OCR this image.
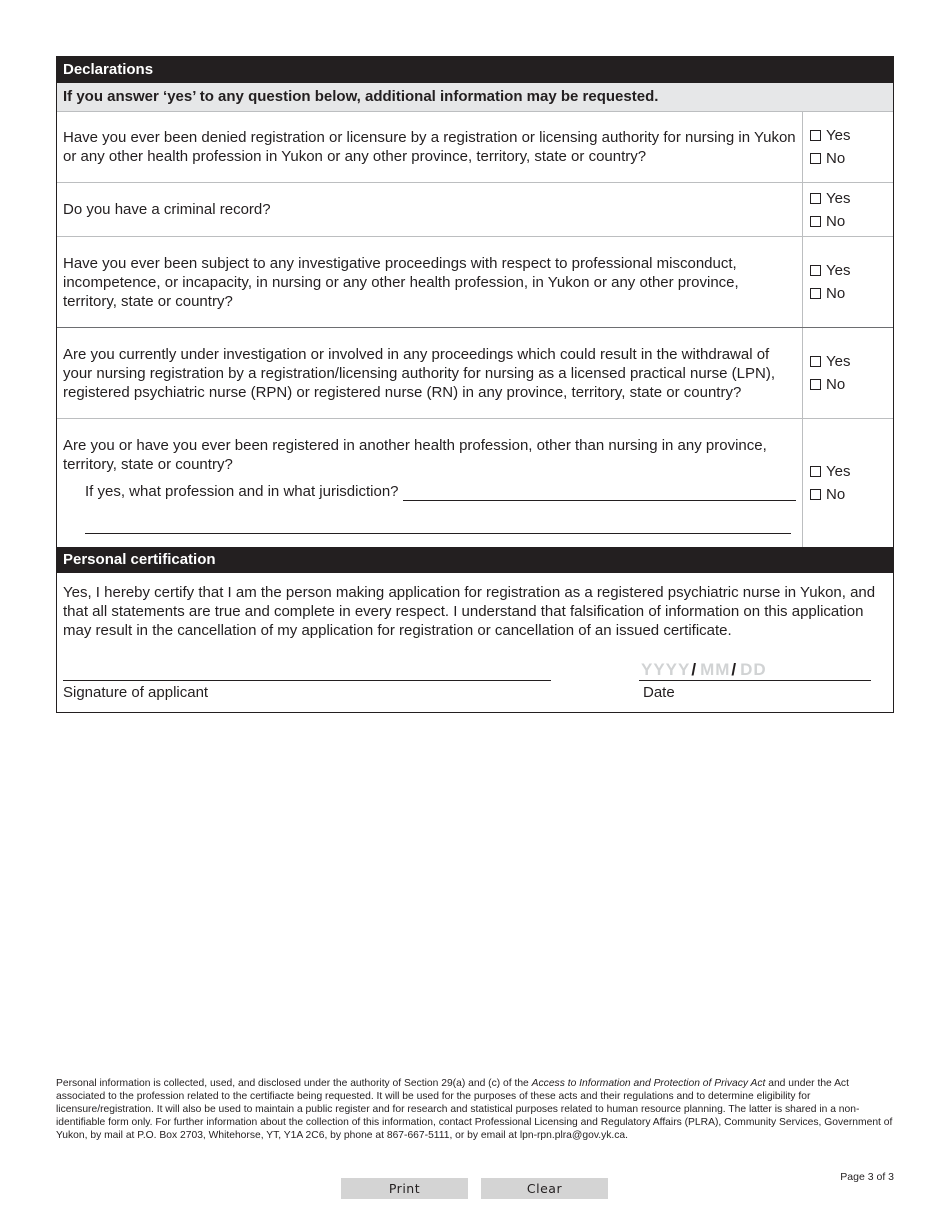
Declarations
If you answer ‘yes’ to any question below, additional information may be requested.
Have you ever been denied registration or licensure by a registration or licensing authority for nursing in Yukon or any other health profession in Yukon or any other province, territory, state or country?
Yes
No
Do you have a criminal record?
Yes
No
Have you ever been subject to any investigative proceedings with respect to professional misconduct, incompetence, or incapacity, in nursing or any other health profession, in Yukon or any other province, territory, state or country?
Yes
No
Are you currently under investigation or involved in any proceedings which could result in the withdrawal of your nursing registration by a registration/licensing authority for nursing as a licensed practical nurse (LPN), registered psychiatric nurse (RPN) or registered nurse (RN) in any province, territory, state or country?
Yes
No
Are you or have you ever been registered in another health profession, other than nursing in any province, territory, state or country?
If yes, what profession and in what jurisdiction?
Yes
No
Personal certification
Yes, I hereby certify that I am the person making application for registration as a registered psychiatric nurse in Yukon, and that all statements are true and complete in every respect. I understand that falsification of information on this application may result in the cancellation of my application for registration or cancellation of an issued certificate.
Signature of applicant
YYYY / MM / DD
Date
Personal information is collected, used, and disclosed under the authority of Section 29(a) and (c) of the Access to Information and Protection of Privacy Act and under the Act associated to the profession related to the certifiacte being requested. It will be used for the purposes of these acts and their regulations and to determine eligibility for licensure/registration. It will also be used to maintain a public register and for research and statistical purposes related to human resource planning. The latter is shared in a non-identifiable form only. For further information about the collection of this information, contact Professional Licensing and Regulatory Affairs (PLRA), Community Services, Government of Yukon, by mail at P.O. Box 2703, Whitehorse, YT, Y1A 2C6, by phone at 867-667-5111, or by email at lpn-rpn.plra@gov.yk.ca.
Page 3 of 3
Print	Clear
